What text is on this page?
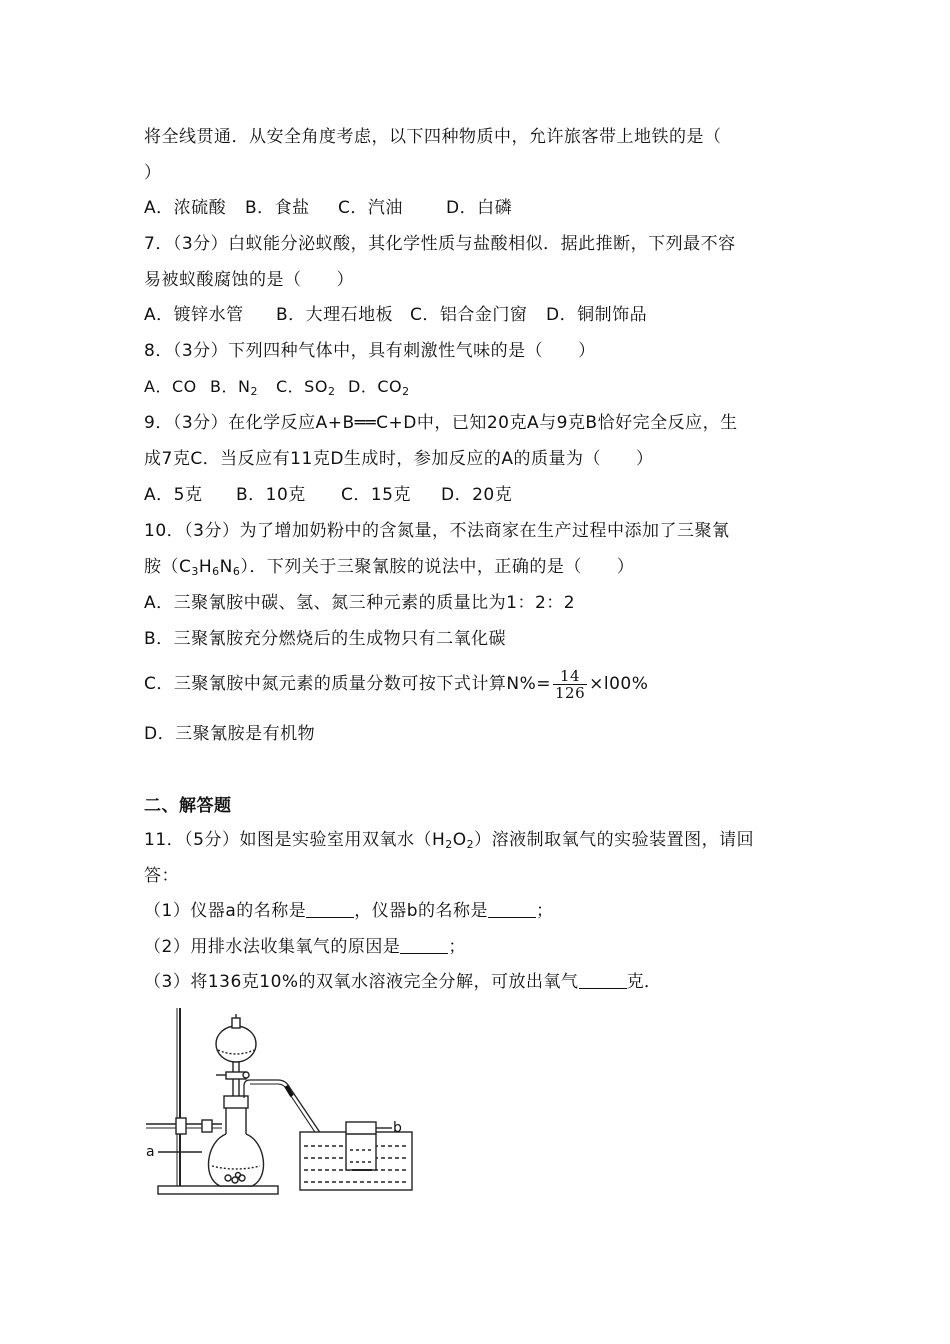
将全线贯通．从安全角度考虑，以下四种物质中，允许旅客带上地铁的是（
）
A．浓硫酸 B．食盐 C．汽油	D．白磷
7．（3分）白蚁能分泌蚁酸，其化学性质与盐酸相似．据此推断，下列最不容
易被蚁酸腐蚀的是（　　）
A．镀锌水管 B．大理石地板 C．铝合金门窗 D．铜制饰品
8．（3分）下列四种气体中，具有刺激性气味的是（　　）
A．CO B．$N_2$ C．$SO_2$ D．$CO_2$
9．（3分）在化学反应A+B══C+D中，已知20克A与9克B恰好完全反应，生
成7克C．当反应有11克D生成时，参加反应的A的质量为（　　）
A．5克 B．10克 C．15克 D．20克
10．（3分）为了增加奶粉中的含氮量，不法商家在生产过程中添加了三聚氰
胺$(C_3H_6N_6)$．下列关于三聚氰胺的说法中，正确的是（　　）
A．三聚氰胺中碳、氢、氮三种元素的质量比为1：2：2
B．三聚氰胺充分燃烧后的生成物只有二氧化碳
C．三聚氰胺中氮元素的质量分数可按下式计算$N\%= \frac{14}{126} \times l00\%$
D．三聚氰胺是有机物
二、解答题
11．（5分）如图是实验室用双氧水$(H_2O_2)$溶液制取氧气的实验装置图，请回
答：
（1）仪器a的名称是	，仪器b的名称是	；
（2）用排水法收集氧气的原因是	；
（3）将136克10%的双氧水溶液完全分解，可放出氧气	克．
b
a
